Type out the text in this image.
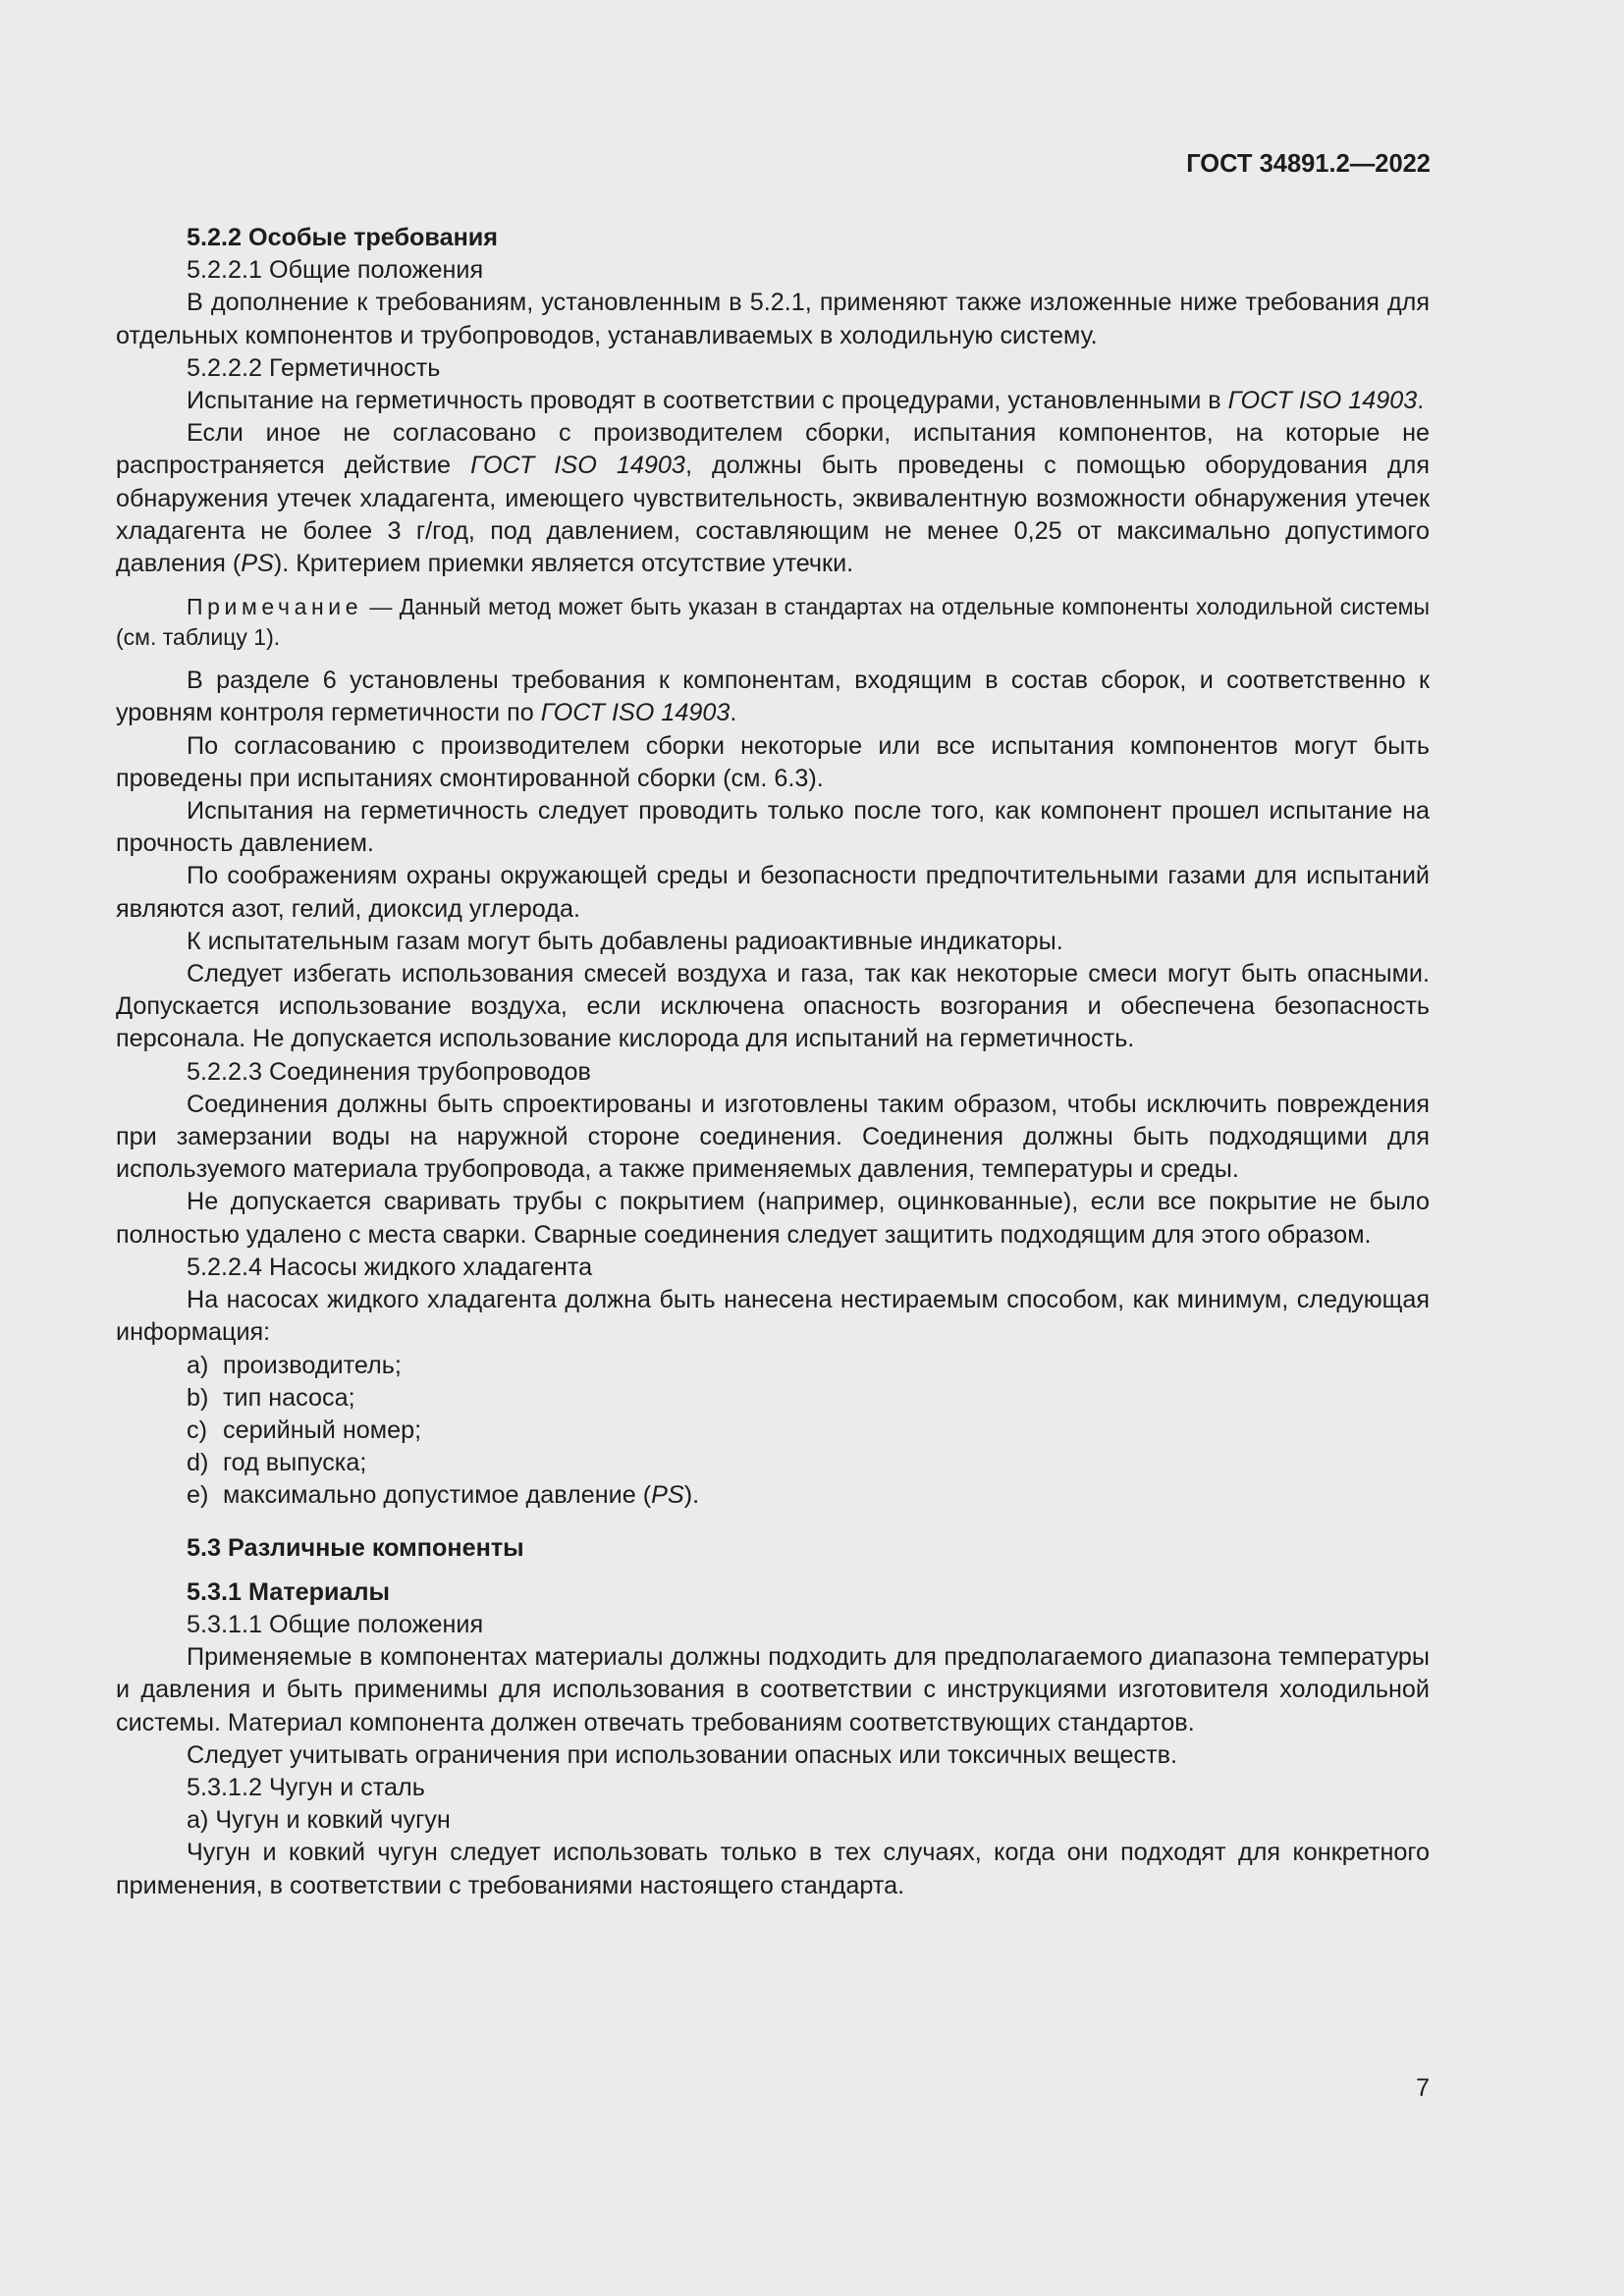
ГОСТ 34891.2—2022

5.2.2 Особые требования

5.2.2.1 Общие положения

В дополнение к требованиям, установленным в 5.2.1, применяют также изложенные ниже требования для отдельных компонентов и трубопроводов, устанавливаемых в холодильную систему.

5.2.2.2 Герметичность

Испытание на герметичность проводят в соответствии с процедурами, установленными в ГОСТ ISO 14903.

Если иное не согласовано с производителем сборки, испытания компонентов, на которые не распространяется действие ГОСТ ISO 14903, должны быть проведены с помощью оборудования для обнаружения утечек хладагента, имеющего чувствительность, эквивалентную возможности обнаружения утечек хладагента не более 3 г/год, под давлением, составляющим не менее 0,25 от максимально допустимого давления (PS). Критерием приемки является отсутствие утечки.

Примечание — Данный метод может быть указан в стандартах на отдельные компоненты холодильной системы (см. таблицу 1).

В разделе 6 установлены требования к компонентам, входящим в состав сборок, и соответственно к уровням контроля герметичности по ГОСТ ISO 14903.

По согласованию с производителем сборки некоторые или все испытания компонентов могут быть проведены при испытаниях смонтированной сборки (см. 6.3).

Испытания на герметичность следует проводить только после того, как компонент прошел испытание на прочность давлением.

По соображениям охраны окружающей среды и безопасности предпочтительными газами для испытаний являются азот, гелий, диоксид углерода.

К испытательным газам могут быть добавлены радиоактивные индикаторы.

Следует избегать использования смесей воздуха и газа, так как некоторые смеси могут быть опасными. Допускается использование воздуха, если исключена опасность возгорания и обеспечена безопасность персонала. Не допускается использование кислорода для испытаний на герметичность.

5.2.2.3 Соединения трубопроводов

Соединения должны быть спроектированы и изготовлены таким образом, чтобы исключить повреждения при замерзании воды на наружной стороне соединения. Соединения должны быть подходящими для используемого материала трубопровода, а также применяемых давления, температуры и среды.

Не допускается сваривать трубы с покрытием (например, оцинкованные), если все покрытие не было полностью удалено с места сварки. Сварные соединения следует защитить подходящим для этого образом.

5.2.2.4 Насосы жидкого хладагента

На насосах жидкого хладагента должна быть нанесена нестираемым способом, как минимум, следующая информация:

a) производитель;

b) тип насоса;

c) серийный номер;

d) год выпуска;

e) максимально допустимое давление (PS).

5.3 Различные компоненты

5.3.1 Материалы

5.3.1.1 Общие положения

Применяемые в компонентах материалы должны подходить для предполагаемого диапазона температуры и давления и быть применимы для использования в соответствии с инструкциями изготовителя холодильной системы. Материал компонента должен отвечать требованиям соответствующих стандартов.

Следует учитывать ограничения при использовании опасных или токсичных веществ.

5.3.1.2 Чугун и сталь

а) Чугун и ковкий чугун

Чугун и ковкий чугун следует использовать только в тех случаях, когда они подходят для конкретного применения, в соответствии с требованиями настоящего стандарта.

7
